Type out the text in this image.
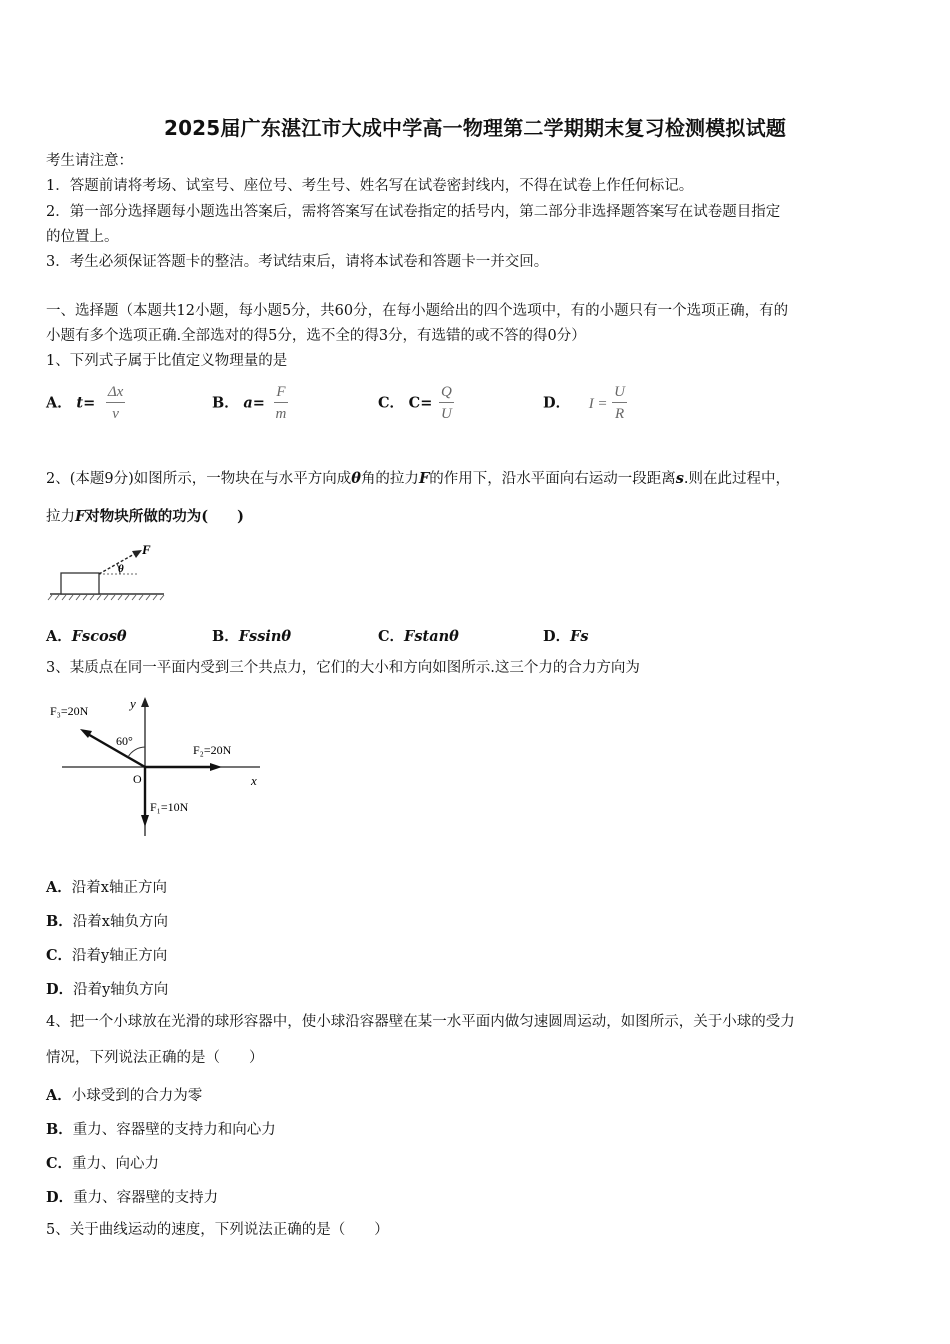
2025届广东湛江市大成中学高一物理第二学期期末复习检测模拟试题
考生请注意：
1．答题前请将考场、试室号、座位号、考生号、姓名写在试卷密封线内，不得在试卷上作任何标记。
2．第一部分选择题每小题选出答案后，需将答案写在试卷指定的括号内，第二部分非选择题答案写在试卷题目指定
的位置上。
3．考生必须保证答题卡的整洁。考试结束后，请将本试卷和答题卡一并交回。
一、选择题（本题共12小题，每小题5分，共60分，在每小题给出的四个选项中，有的小题只有一个选项正确，有的
小题有多个选项正确.全部选对的得5分，选不全的得3分，有选错的或不答的得0分）
1、下列式子属于比值定义物理量的是
A． $t= \frac{\Delta x}{v}$	B． $a= \frac{F}{m}$	C． $C= \frac{Q}{U}$	D． $I = \frac{U}{R}$
2、(本题9分)如图所示，一物块在与水平方向成θ角的拉力F的作用下，沿水平面向右运动一段距离s.则在此过程中，
拉力F对物块所做的功为(　　)
F
θ
A．Fscosθ	B．Fssinθ	C．Fstanθ	D．Fs
3、某质点在同一平面内受到三个共点力，它们的大小和方向如图所示.这三个力的合力方向为
F₃=20N
F₂=20N
F₁=10N
60°
O	x
y
A．沿着x轴正方向
B．沿着x轴负方向
C．沿着y轴正方向
D．沿着y轴负方向
4、把一个小球放在光滑的球形容器中，使小球沿容器壁在某一水平面内做匀速圆周运动，如图所示，关于小球的受力
情况，下列说法正确的是（　　）
A．小球受到的合力为零
B．重力、容器壁的支持力和向心力
C．重力、向心力
D．重力、容器壁的支持力
5、关于曲线运动的速度，下列说法正确的是（　　）
